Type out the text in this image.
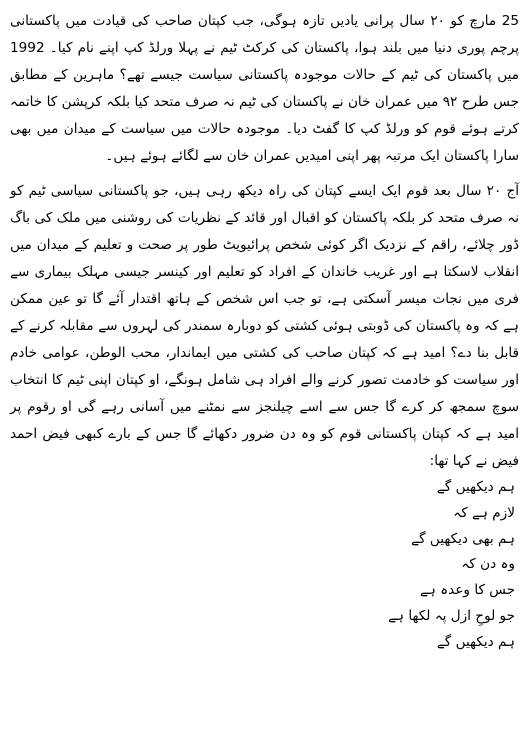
25 مارچ کو ۲۰ سال پرانی یادیں تازہ ہوگی، جب کپتان صاحب کی قیادت میں پاکستانی پرچم پوری دنیا میں بلند ہوا، پاکستان کی کرکٹ ٹیم نے پہلا ورلڈ کپ اپنے نام کیا۔ 1992 میں پاکستان کی ٹیم کے حالات موجودہ پاکستانی سیاست جیسے تھے؟ ماہرین کے مطابق جس طرح ۹۲ میں عمران خان نے پاکستان کی ٹیم نہ صرف متحد کیا بلکہ کرپشن کا خاتمہ کرتے ہوئے قوم کو ورلڈ کپ کا گفٹ دیا۔ موجودہ حالات میں سیاست کے میدان میں بھی سارا پاکستان ایک مرتبہ پھر اپنی امیدیں عمران خان سے لگائے ہوئے ہیں۔

آج ۲۰ سال بعد قوم ایک ایسے کپتان کی راہ دیکھ رہی ہیں، جو پاکستانی سیاسی ٹیم کو نہ صرف متحد کر بلکہ پاکستان کو اقبال اور قائد کے نظریات کی روشنی میں ملک کی باگ ڈور چلائے، راقم کے نزدیک اگر کوئی شخص پرائیویٹ طور پر صحت و تعلیم کے میدان میں انقلاب لاسکتا ہے اور غریب خاندان کے افراد کو تعلیم اور کینسر جیسی مہلک بیماری سے فری میں نجات میسر آسکتی ہے، تو جب اس شخص کے ہاتھ اقتدار آئے گا تو عین ممکن ہے کہ وہ پاکستان کی ڈوبتی ہوئی کشتی کو دوبارہ سمندر کی لہروں سے مقابلہ کرنے کے قابل بنا دے؟ امید ہے کہ کپتان صاحب کی کشتی میں ایماندار، محب الوطن، عوامی خادم اور سیاست کو خادمت تصور کرنے والے افراد ہی شامل ہونگے، او کپتان اپنی ٹیم کا انتخاب سوچ سمجھ کر کرے گا جس سے اسے چیلنجز سے نمٹنے میں آسانی رہے گی او رقوم پر امید ہے کہ کپتان پاکستانی قوم کو وہ دن ضرور دکھائے گا جس کے بارے کبھی فیض احمد فیض نے کہا تھا:

ہم دیکھیں گے
لازم ہے کہ
ہم بھی دیکھیں گے
وہ دن کہ
جس کا وعدہ ہے
جو لوحِ ازل پہ لکھا ہے
ہم دیکھیں گے
